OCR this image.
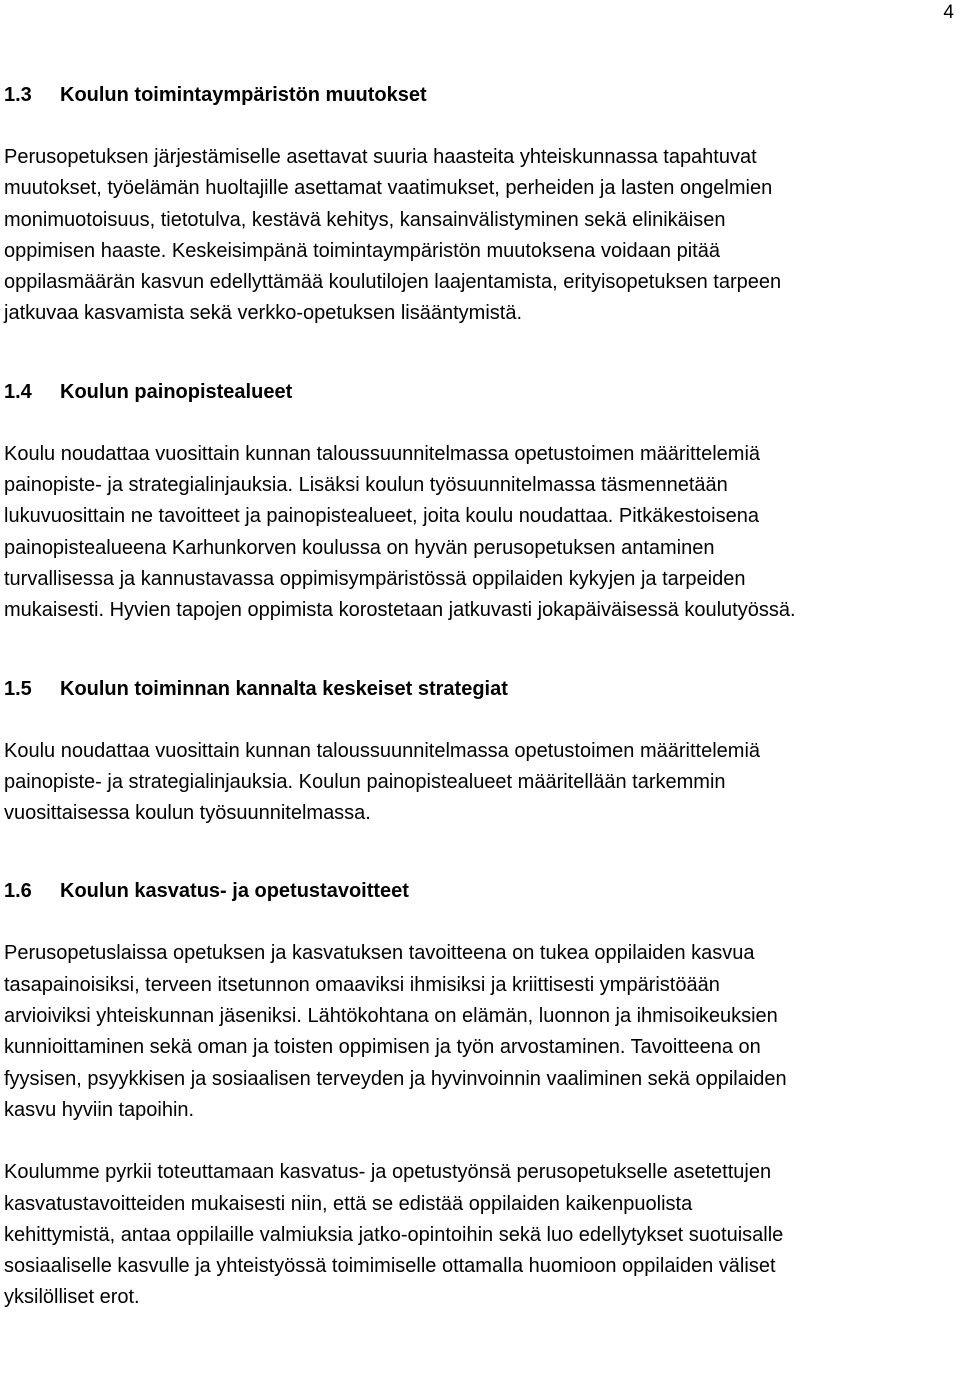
4
1.3 Koulun toimintaympäristön muutokset

Perusopetuksen järjestämiselle asettavat suuria haasteita yhteiskunnassa tapahtuvat
muutokset, työelämän huoltajille asettamat vaatimukset, perheiden ja lasten ongelmien
monimuotoisuus, tietotulva, kestävä kehitys, kansainvälistyminen sekä elinikäisen
oppimisen haaste. Keskeisimpänä toimintaympäristön muutoksena voidaan pitää
oppilasmäärän kasvun edellyttämää koulutilojen laajentamista, erityisopetuksen tarpeen
jatkuvaa kasvamista sekä verkko-opetuksen lisääntymistä.

1.4 Koulun painopistealueet

Koulu noudattaa vuosittain kunnan taloussuunnitelmassa opetustoimen määrittelemiä
painopiste- ja strategialinjauksia. Lisäksi koulun työsuunnitelmassa täsmennetään
lukuvuosittain ne tavoitteet ja painopistealueet, joita koulu noudattaa. Pitkäkestoisena
painopistealueena Karhunkorven koulussa on hyvän perusopetuksen antaminen
turvallisessa ja kannustavassa oppimisympäristössä oppilaiden kykyjen ja tarpeiden
mukaisesti. Hyvien tapojen oppimista korostetaan jatkuvasti jokapäiväisessä koulutyössä.

1.5 Koulun toiminnan kannalta keskeiset strategiat

Koulu noudattaa vuosittain kunnan taloussuunnitelmassa opetustoimen määrittelemiä
painopiste- ja strategialinjauksia. Koulun painopistealueet määritellään tarkemmin
vuosittaisessa koulun työsuunnitelmassa.

1.6 Koulun kasvatus- ja opetustavoitteet

Perusopetuslaissa opetuksen ja kasvatuksen tavoitteena on tukea oppilaiden kasvua
tasapainoisiksi, terveen itsetunnon omaaviksi ihmisiksi ja kriittisesti ympäristöään
arvioiviksi yhteiskunnan jäseniksi. Lähtökohtana on elämän, luonnon ja ihmisoikeuksien
kunnioittaminen sekä oman ja toisten oppimisen ja työn arvostaminen. Tavoitteena on
fyysisen, psyykkisen ja sosiaalisen terveyden ja hyvinvoinnin vaaliminen sekä oppilaiden
kasvu hyviin tapoihin.

Koulumme pyrkii toteuttamaan kasvatus- ja opetustyönsä perusopetukselle asetettujen
kasvatustavoitteiden mukaisesti niin, että se edistää oppilaiden kaikenpuolista
kehittymistä, antaa oppilaille valmiuksia jatko-opintoihin sekä luo edellytykset suotuisalle
sosiaaliselle kasvulle ja yhteistyössä toimimiselle ottamalla huomioon oppilaiden väliset
yksilölliset erot.
